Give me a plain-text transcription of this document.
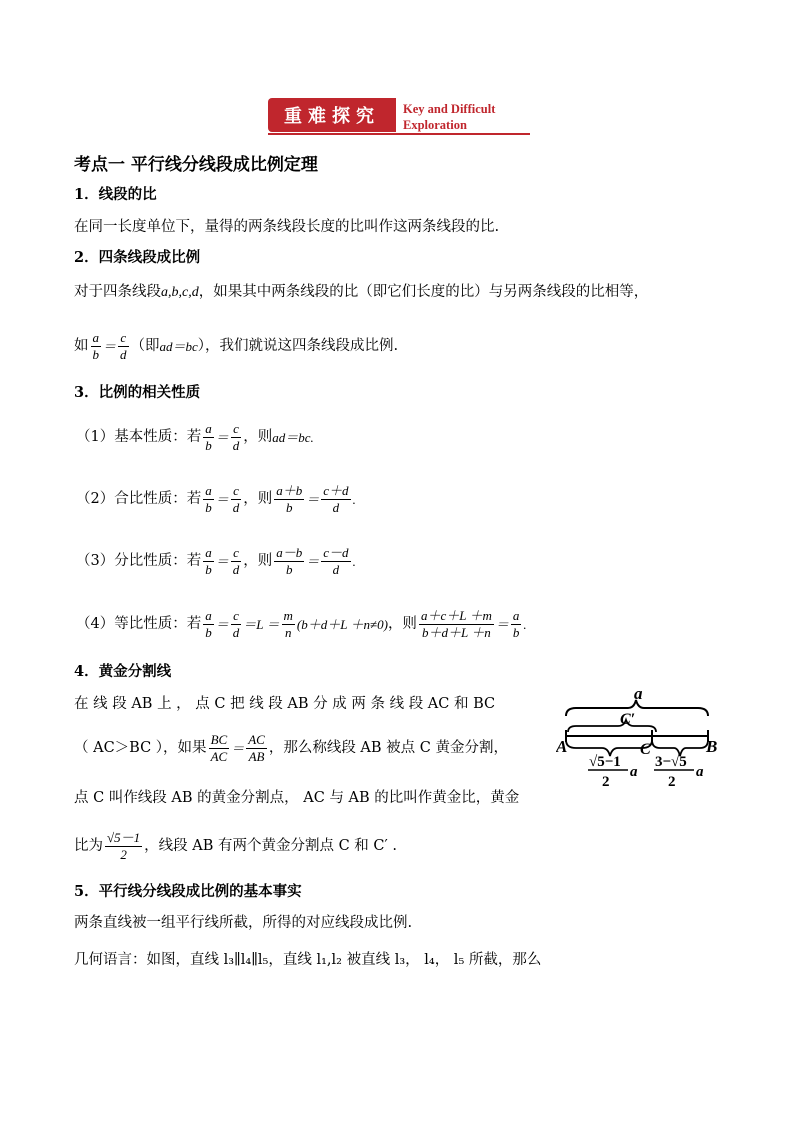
重难探究 Key and Difficult
Exploration
考点一 平行线分线段成比例定理
1．线段的比
在同一长度单位下，量得的两条线段长度的比叫作这两条线段的比.
2．四条线段成比例
对于四条线段a,b,c,d，如果其中两条线段的比（即它们长度的比）与另两条线段的比相等，
如 $\frac{a}{b} = \frac{c}{d}$ （即 ad＝bc ），我们就说这四条线段成比例.
3．比例的相关性质
（1）基本性质：若 $\frac{a}{b} = \frac{c}{d}$ ，则 ad＝bc .
（2）合比性质：若 $\frac{a}{b} = \frac{c}{d}$ ，则 $\frac{a+b}{b} = \frac{c+d}{d}$ .
（3）分比性质：若 $\frac{a}{b} = \frac{c}{d}$ ，则 $\frac{a-b}{b} = \frac{c-d}{d}$ .
（4）等比性质：若 $\frac{a}{b} = \frac{c}{d} =L = \frac{m}{n} (b+d+L +n\ne 0)$ ，则 $\frac{a+c+L +m}{b+d+L +n} = \frac{a}{b}$ .
4．黄金分割线
在 线 段 AB 上 ， 点 C 把 线 段 AB 分 成 两 条 线 段 AC 和 BC
（ AC＞BC ），如果 $\frac{BC}{AC} = \frac{AC}{AB}$ ，那么称线段 AB 被点 C 黄金分割，
点 C 叫作线段 AB 的黄金分割点， AC 与 AB 的比叫作黄金比，黄金
比为 $\frac{√5-1}{2}$ ，线段 AB 有两个黄金分割点 C 和 C′ .
a
C′
A	C	B
√5−1
2
a
3−√5
2
a
5．平行线分线段成比例的基本事实
两条直线被一组平行线所截，所得的对应线段成比例.
几何语言：如图，直线 l₃∥l₄∥l₅，直线 l₁,l₂ 被直线 l₃， l₄， l₅ 所截，那么
